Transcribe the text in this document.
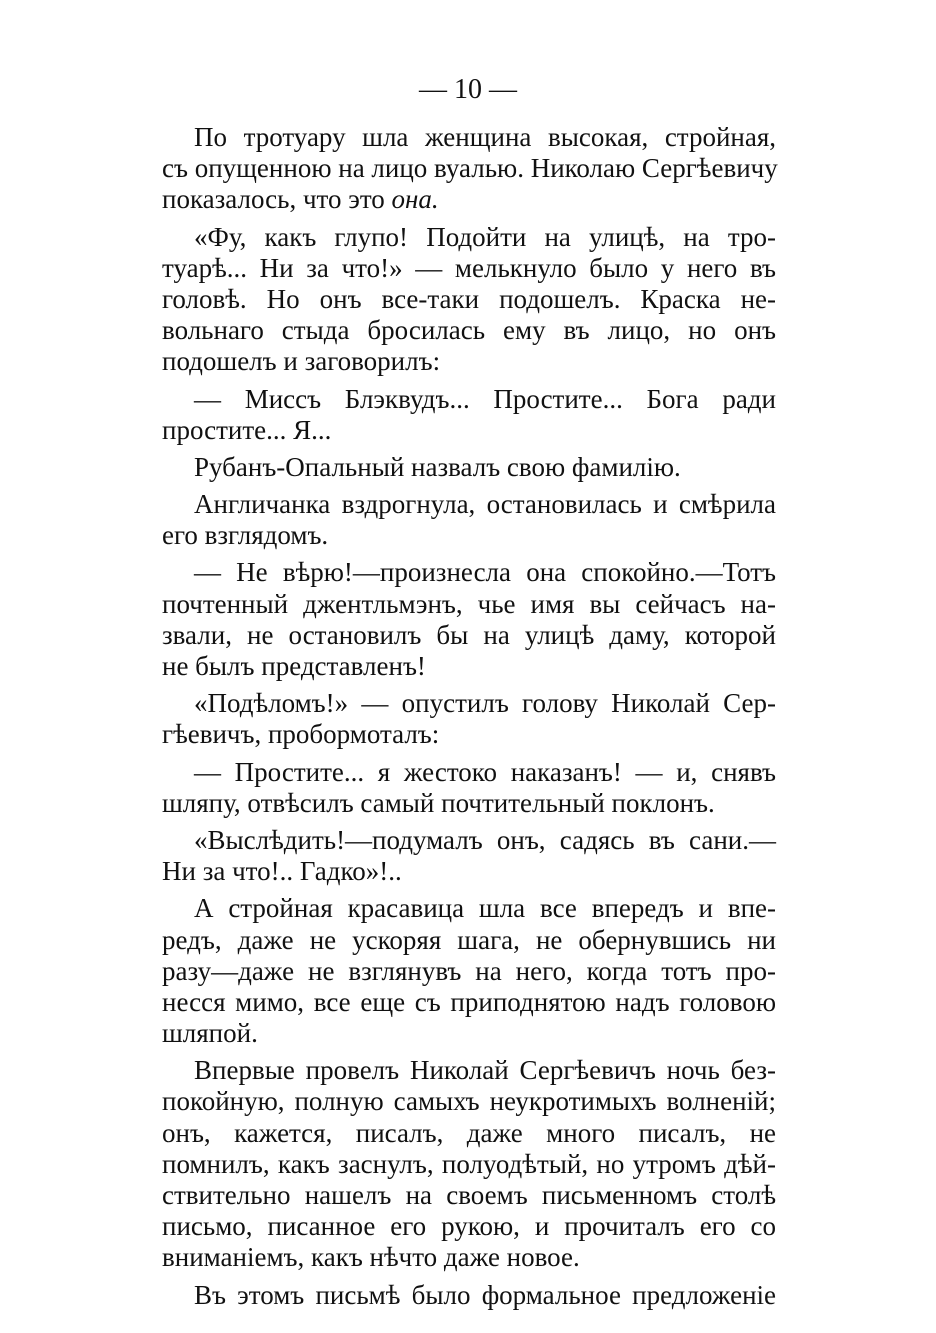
— 10 —
По тротуару шла женщина высокая, стройная,
съ опущенною на лицо вуалью. Николаю Сергѣевичу
показалось, что это она.
«Фу, какъ глупо! Подойти на улицѣ, на тро-
туарѣ... Ни за что!» — мелькнуло было у него въ
головѣ. Но онъ все-таки подошелъ. Краска не-
вольнаго стыда бросилась ему въ лицо, но онъ
подошелъ и заговорилъ:
— Миссъ Блэквудъ... Простите... Бога ради
простите... Я...
Рубанъ-Опальный назвалъ свою фамилію.
Англичанка вздрогнула, остановилась и смѣрила
его взглядомъ.
— Не вѣрю!—произнесла она спокойно.—Тотъ
почтенный джентльмэнъ, чье имя вы сейчасъ на-
звали, не остановилъ бы на улицѣ даму, которой
не былъ представленъ!
«Подѣломъ!» — опустилъ голову Николай Сер-
гѣевичъ, пробормоталъ:
— Простите... я жестоко наказанъ! — и, снявъ
шляпу, отвѣсилъ самый почтительный поклонъ.
«Выслѣдить!—подумалъ онъ, садясь въ сани.—
Ни за что!.. Гадко»!..
А стройная красавица шла все впередъ и впе-
редъ, даже не ускоряя шага, не обернувшись ни
разу—даже не взглянувъ на него, когда тотъ про-
несся мимо, все еще съ приподнятою надъ головою
шляпой.
Впервые провелъ Николай Сергѣевичъ ночь без-
покойную, полную самыхъ неукротимыхъ волненій;
онъ, кажется, писалъ, даже много писалъ, не
помнилъ, какъ заснулъ, полуодѣтый, но утромъ дѣй-
ствительно нашелъ на своемъ письменномъ столѣ
письмо, писанное его рукою, и прочиталъ его со
вниманіемъ, какъ нѣчто даже новое.
Въ этомъ письмѣ было формальное предложеніе
